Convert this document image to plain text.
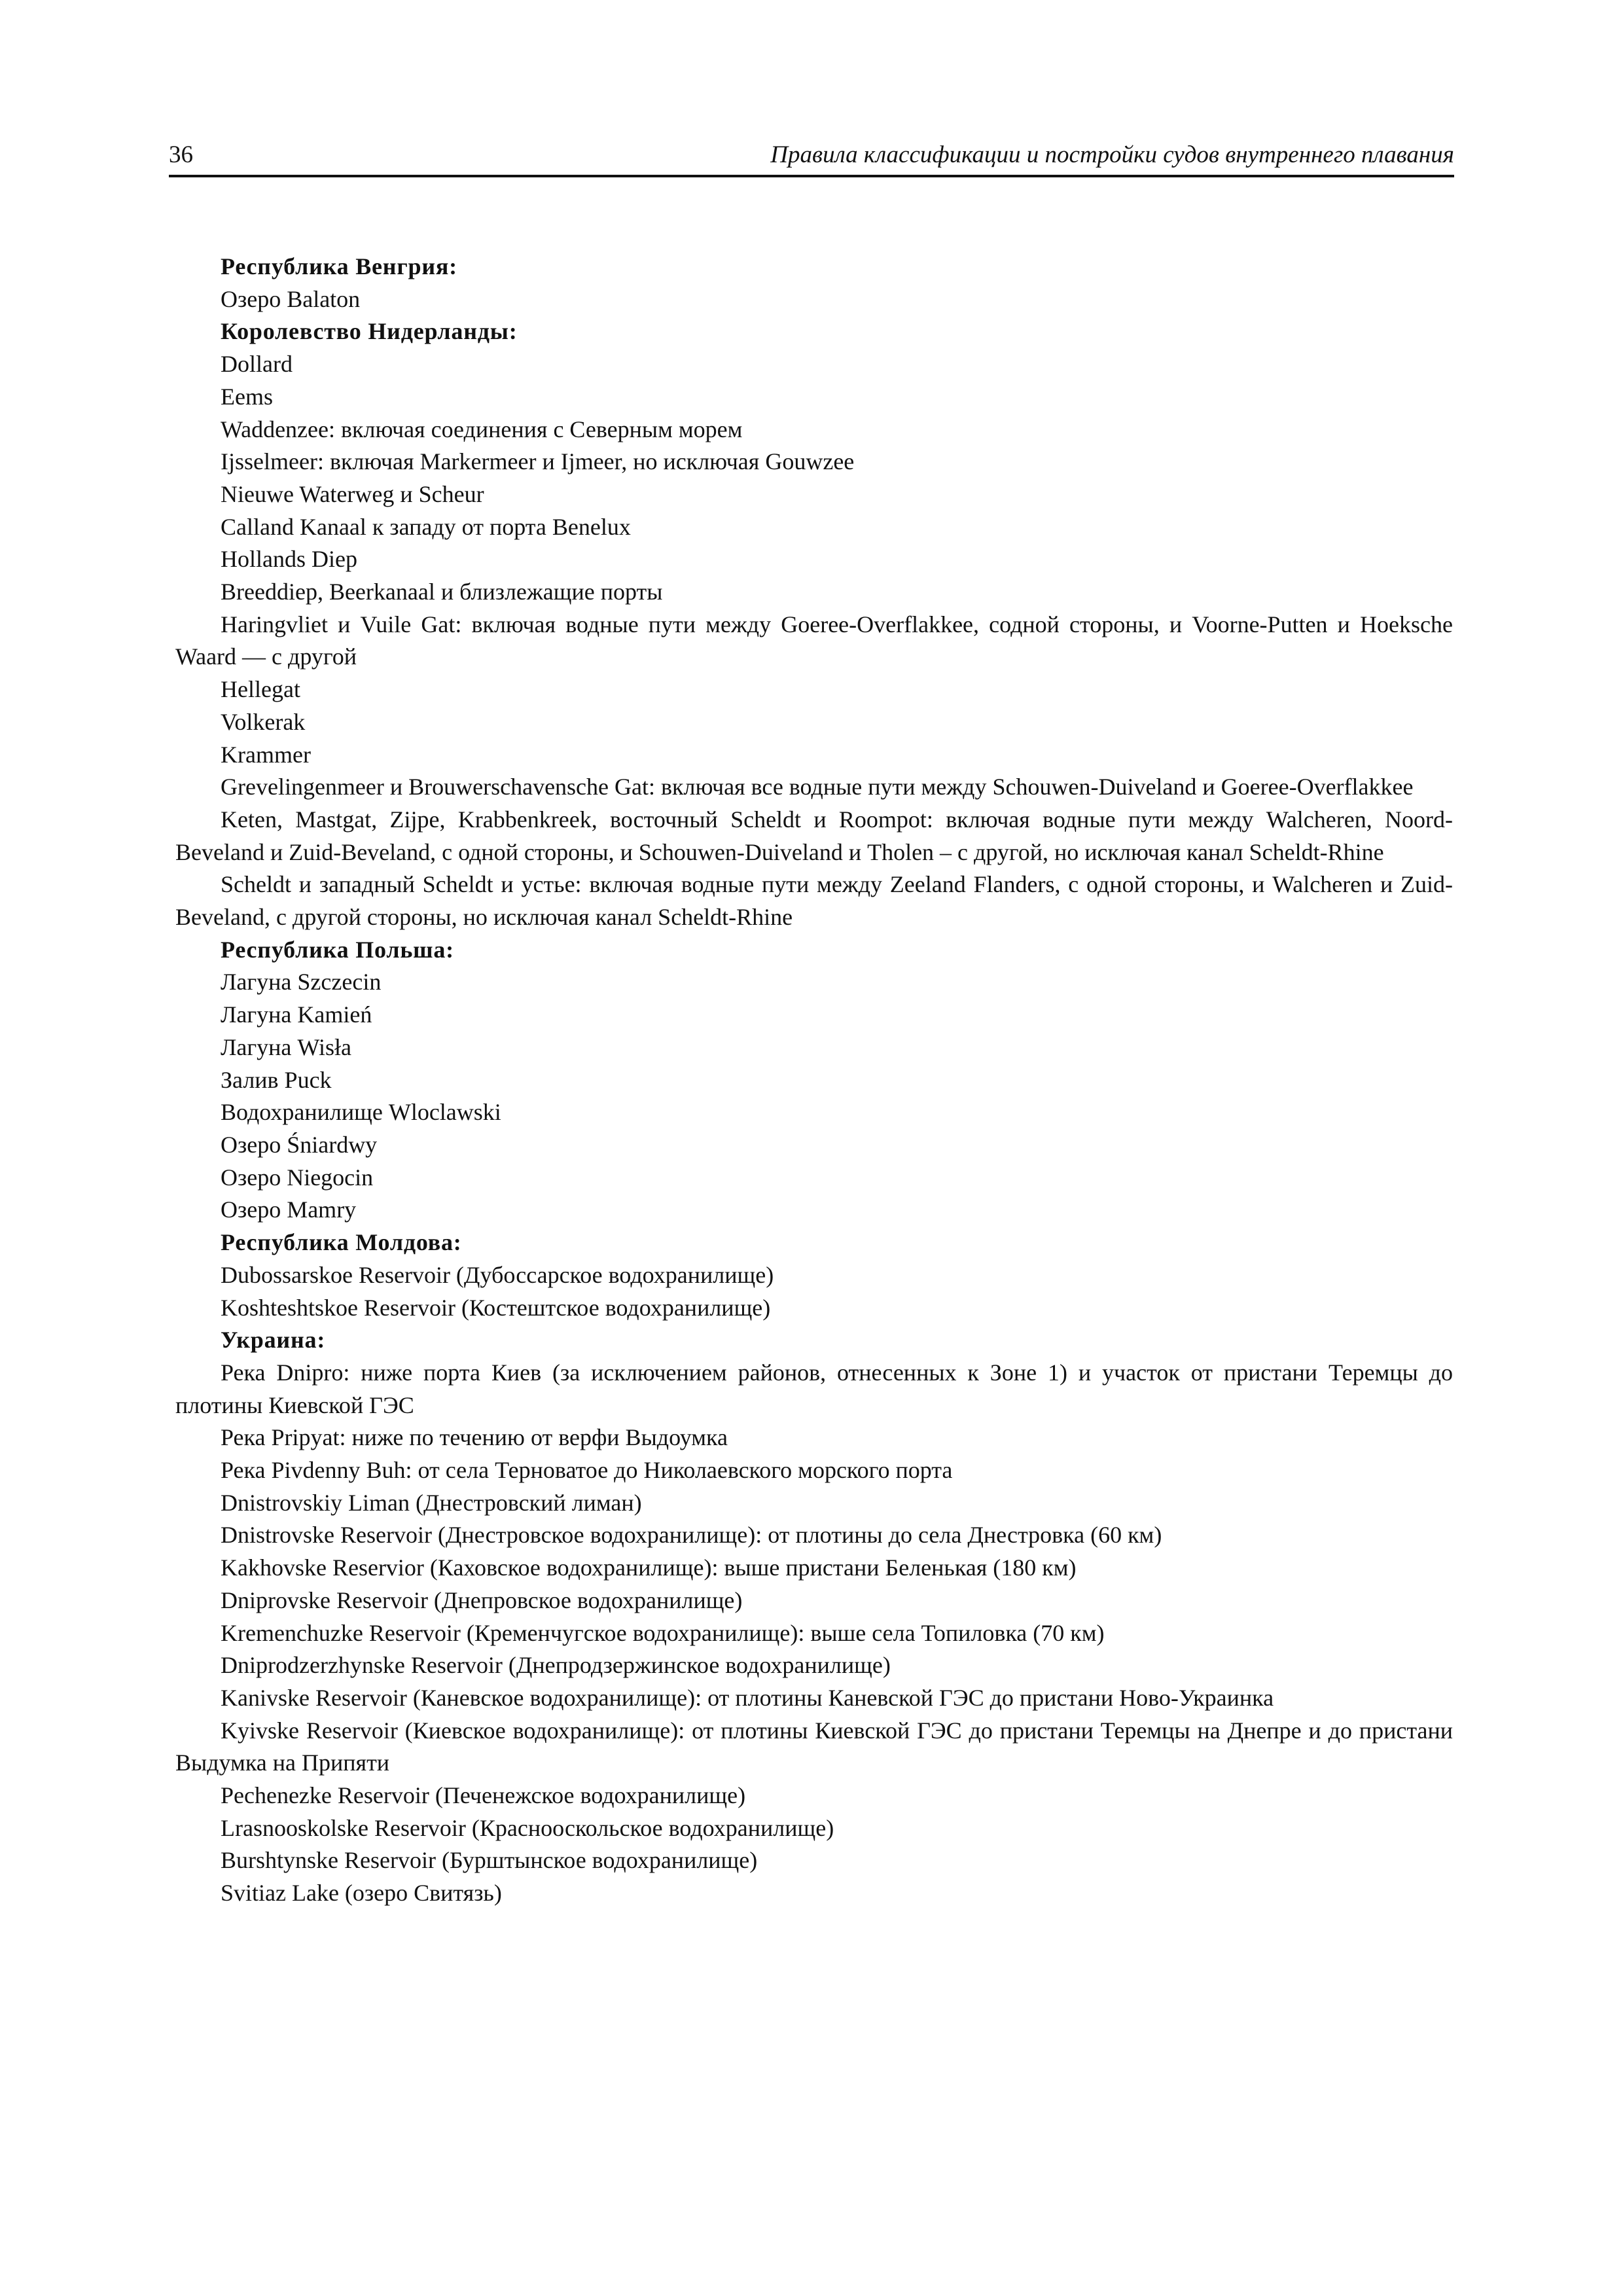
36	Правила классификации и постройки судов внутреннего плавания

Республика Венгрия:

Озеро Balaton

Королевство Нидерланды:

Dollard

Eems

Waddenzee: включая соединения с Северным морем

Ijsselmeer: включая Markermeer и Ijmeer, но исключая Gouwzee

Nieuwe Waterweg и Scheur

Calland Kanaal к западу от порта Benelux

Hollands Diep

Breeddiep, Beerkanaal и близлежащие порты

Haringvliet и Vuile Gat: включая водные пути между Goeree-Overflakkee, содной стороны, и Voorne-Putten и Hoeksche Waard — с другой

Hellegat

Volkerak

Krammer

Grevelingenmeer и Brouwerschavensche Gat: включая все водные пути между Schouwen-Duiveland и Goeree-Overflakkee

Keten, Mastgat, Zijpe, Krabbenkreek, восточный Scheldt и Roompot: включая водные пути между Walcheren, Noord-Beveland и Zuid-Beveland, с одной стороны, и Schouwen-Duiveland и Tholen – с другой, но исключая канал Scheldt-Rhine

Scheldt и западный Scheldt и устье: включая водные пути между Zeeland Flanders, с одной стороны, и Walcheren и Zuid-Beveland, с другой стороны, но исключая канал Scheldt-Rhine

Республика Польша:

Лагуна Szczecin

Лагуна Kamień

Лагуна Wisła

Залив Puck

Водохранилище Wloclawski

Озеро Śniardwy

Озеро Niegocin

Озеро Mamry

Республика Молдова:

Dubossarskoe Reservoir (Дубоссарское водохранилище)

Koshteshtskoe Reservoir (Костештское водохранилище)

Украина:

Река Dnipro: ниже порта Киев (за исключением районов, отнесенных к Зоне 1) и участок от пристани Теремцы до плотины Киевской ГЭС

Река Pripyat: ниже по течению от верфи Выдоумка

Река Pivdenny Buh: от села Терноватое до Николаевского морского порта

Dnistrovskiy Liman (Днестровский лиман)

Dnistrovske Reservoir (Днестровское водохранилище): от плотины до села Днестровка (60 км)

Kakhovske Reservior (Каховское водохранилище): выше пристани Беленькая (180 км)

Dniprovske Reservoir (Днепровское водохранилище)

Kremenchuzke Reservoir (Кременчугское водохранилище): выше села Топиловка (70 км)

Dniprodzerzhynske Reservoir (Днепродзержинское водохранилище)

Kanivske Reservoir (Каневское водохранилище): от плотины Каневской ГЭС до пристани Ново-Украинка

Kyivske Reservoir (Киевское водохранилище): от плотины Киевской ГЭС до пристани Теремцы на Днепре и до пристани Выдумка на Припяти

Pechenezke Reservoir (Печенежское водохранилище)

Lrasnooskolske Reservoir (Краснооскольское водохранилище)

Burshtynske Reservoir (Бурштынское водохранилище)

Svitiaz Lake (озеро Свитязь)
